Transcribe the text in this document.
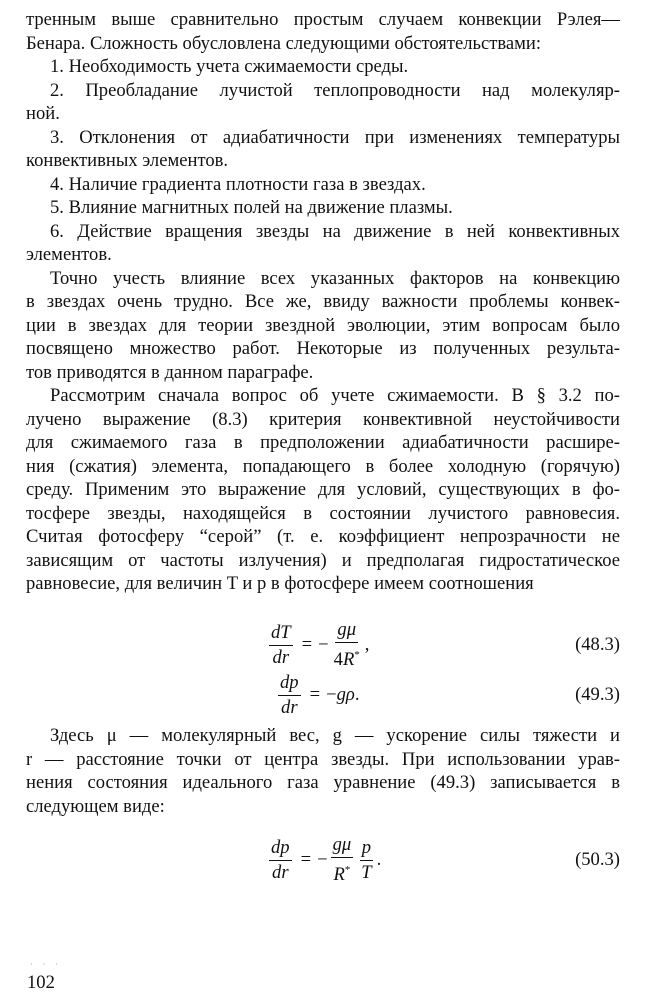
тренным выше сравнительно простым случаем конвекции Рэлея—
Бенара. Сложность обусловлена следующими обстоятельствами:
1. Необходимость учета сжимаемости среды.
2. Преобладание лучистой теплопроводности над молекуляр-
ной.
3. Отклонения от адиабатичности при изменениях температуры
конвективных элементов.
4. Наличие градиента плотности газа в звездах.
5. Влияние магнитных полей на движение плазмы.
6. Действие вращения звезды на движение в ней конвективных
элементов.
Точно учесть влияние всех указанных факторов на конвекцию
в звездах очень трудно. Все же, ввиду важности проблемы конвек-
ции в звездах для теории звездной эволюции, этим вопросам было
посвящено множество работ. Некоторые из полученных результа-
тов приводятся в данном параграфе.
Рассмотрим сначала вопрос об учете сжимаемости. В § 3.2 по-
лучено выражение (8.3) критерия конвективной неустойчивости
для сжимаемого газа в предположении адиабатичности расшире-
ния (сжатия) элемента, попадающего в более холодную (горячую)
среду. Применим это выражение для условий, существующих в фо-
тосфере звезды, находящейся в состоянии лучистого равновесия.
Считая фотосферу “серой” (т. е. коэффициент непрозрачности не
зависящим от частоты излучения) и предполагая гидростатическое
равновесие, для величин T и p в фотосфере имеем соотношения
$\frac{dT}{dr}$ = − $\frac{g\mu}{4R^*}$ ,	(48.3)
$\frac{dp}{dr}$ = − gρ .	(49.3)
Здесь μ — молекулярный вес, g — ускорение силы тяжести и
r — расстояние точки от центра звезды. При использовании урав-
нения состояния идеального газа уравнение (49.3) записывается в
следующем виде:
$\frac{dp}{dr}$ = − $\frac{g\mu}{R^*} \frac{p}{T}$ .	(50.3)
· · ·
102
